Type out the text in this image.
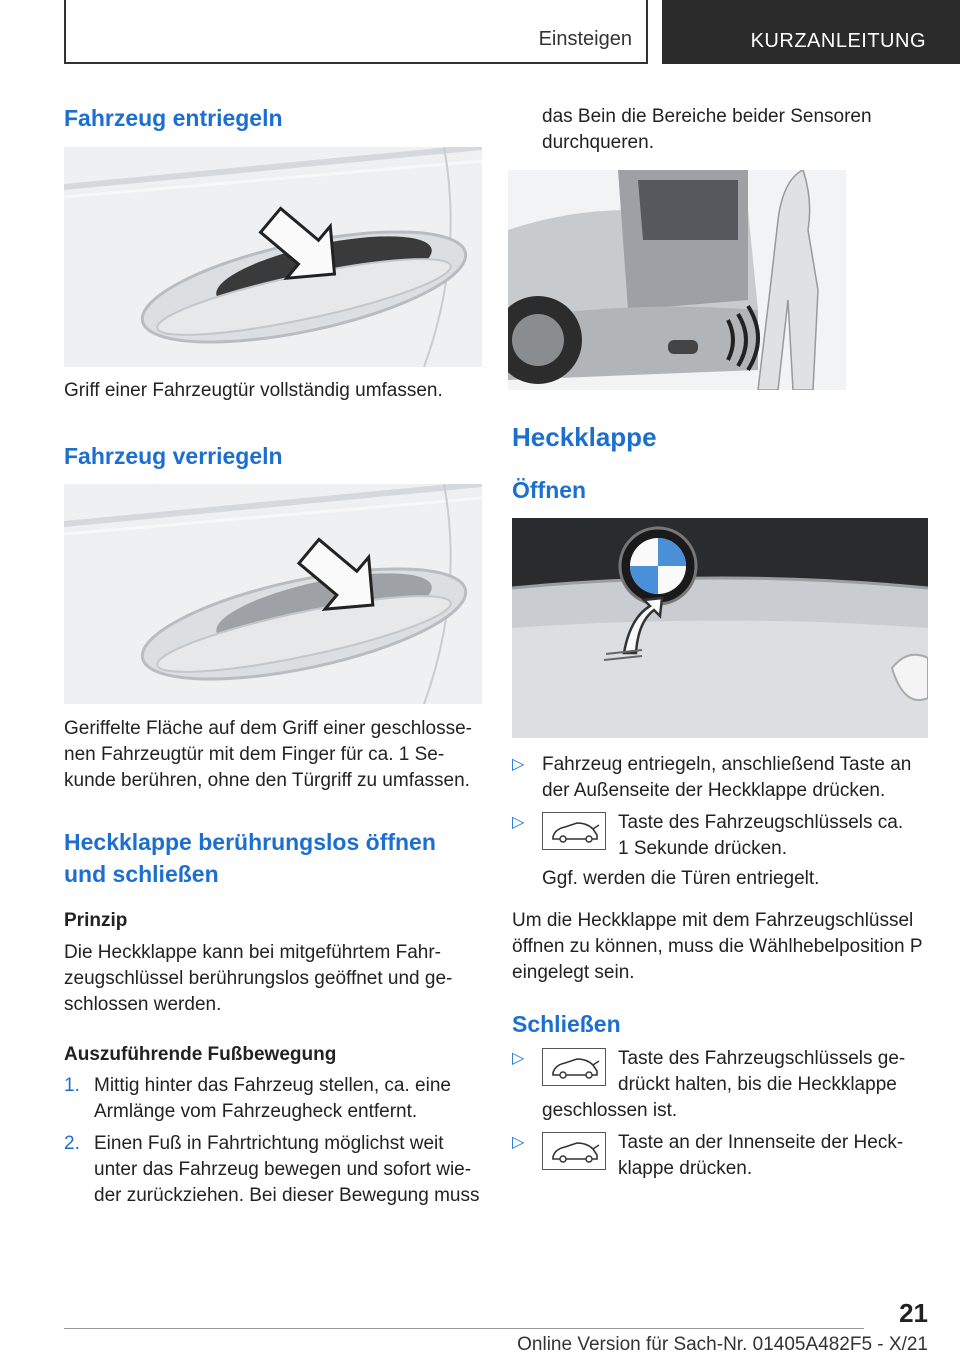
Einsteigen	KURZANLEITUNG
Fahrzeug entriegeln

Griff einer Fahrzeugtür vollständig umfassen.

Fahrzeug verriegeln

Geriffelte Fläche auf dem Griff einer geschlosse-

nen Fahrzeugtür mit dem Finger für ca. 1 Se-

kunde berühren, ohne den Türgriff zu umfassen.

Heckklappe berührungslos öffnen
und schließen

Prinzip

Die Heckklappe kann bei mitgeführtem Fahr-

zeugschlüssel berührungslos geöffnet und ge-

schlossen werden.

Auszuführende Fußbewegung

1. Mittig hinter das Fahrzeug stellen, ca. eine

Armlänge vom Fahrzeugheck entfernt.

2. Einen Fuß in Fahrtrichtung möglichst weit

unter das Fahrzeug bewegen und sofort wie-

der zurückziehen. Bei dieser Bewegung muss

das Bein die Bereiche beider Sensoren

durchqueren.

Heckklappe
Öffnen
▷ Fahrzeug entriegeln, anschließend Taste an

der Außenseite der Heckklappe drücken.

▷	Taste des Fahrzeugschlüssels ca.

1 Sekunde drücken.

Ggf. werden die Türen entriegelt.

Um die Heckklappe mit dem Fahrzeugschlüssel

öffnen zu können, muss die Wählhebelposition P

eingelegt sein.

Schließen
▷	Taste des Fahrzeugschlüssels ge-

drückt halten, bis die Heckklappe

geschlossen ist.

▷	Taste an der Innenseite der Heck-

klappe drücken.

21
Online Version für Sach-Nr. 01405A482F5 - X/21
